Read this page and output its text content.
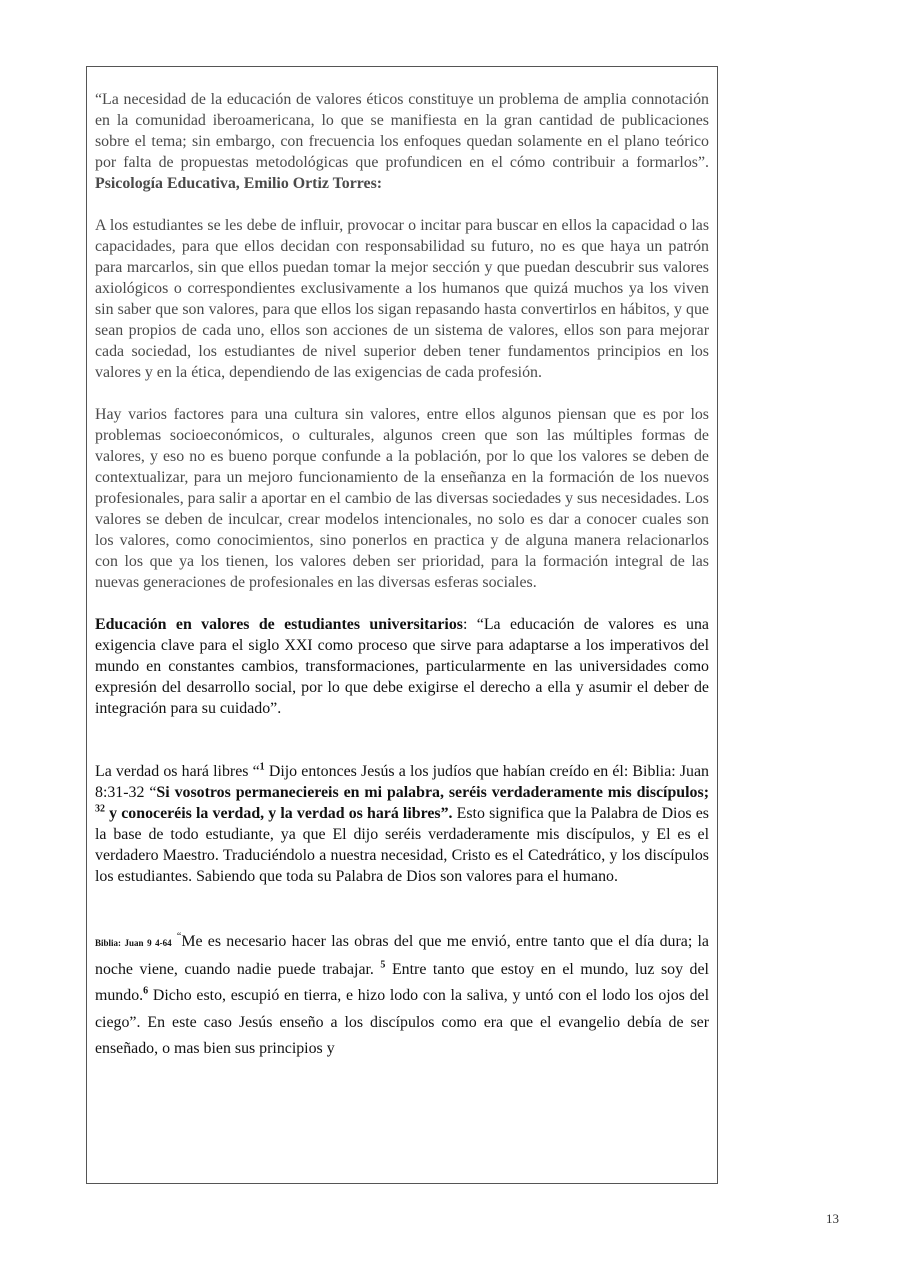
“La necesidad de la educación de valores éticos constituye un problema de amplia connotación en la comunidad iberoamericana, lo que se manifiesta en la gran cantidad de publicaciones sobre el tema; sin embargo, con frecuencia los enfoques quedan solamente en el plano teórico por falta de propuestas metodológicas que profundicen en el cómo contribuir a formarlos”. Psicología Educativa, Emilio Ortiz Torres:

A los estudiantes se les debe de influir, provocar o incitar para buscar en ellos la capacidad o las capacidades, para que ellos decidan con responsabilidad su futuro, no es que haya un patrón para marcarlos, sin que ellos puedan tomar la mejor sección y que puedan descubrir sus valores axiológicos o correspondientes exclusivamente a los humanos que quizá muchos ya los viven sin saber que son valores, para que ellos los sigan repasando hasta convertirlos en hábitos, y que sean propios de cada uno, ellos son acciones de un sistema de valores, ellos son para mejorar cada sociedad, los estudiantes de nivel superior deben tener fundamentos principios en los valores y en la ética, dependiendo de las exigencias de cada profesión.

Hay varios factores para una cultura sin valores, entre ellos algunos piensan que es por los problemas socioeconómicos, o culturales, algunos creen que son las múltiples formas de valores, y eso no es bueno porque confunde a la población, por lo que los valores se deben de contextualizar, para un mejoro funcionamiento de la enseñanza en la formación de los nuevos profesionales, para salir a aportar en el cambio de las diversas sociedades y sus necesidades. Los valores se deben de inculcar, crear modelos intencionales, no solo es dar a conocer cuales son los valores, como conocimientos, sino ponerlos en practica y de alguna manera relacionarlos con los que ya los tienen, los valores deben ser prioridad, para la formación integral de las nuevas generaciones de profesionales en las diversas esferas sociales.

Educación en valores de estudiantes universitarios: “La educación de valores es una exigencia clave para el siglo XXI como proceso que sirve para adaptarse a los imperativos del mundo en constantes cambios, transformaciones, particularmente en las universidades como expresión del desarrollo social, por lo que debe exigirse el derecho a ella y asumir el deber de integración para su cuidado”.

La verdad os hará libres “$^1$ Dijo entonces Jesús a los judíos que habían creído en él: Biblia: Juan 8:31-32 “Si vosotros permaneciereis en mi palabra, seréis verdaderamente mis discípulos; $^{32}$ y conoceréis la verdad, y la verdad os hará libres”. Esto significa que la Palabra de Dios es la base de todo estudiante, ya que El dijo seréis verdaderamente mis discípulos, y El es el verdadero Maestro. Traduciéndolo a nuestra necesidad, Cristo es el Catedrático, y los discípulos los estudiantes. Sabiendo que toda su Palabra de Dios son valores para el humano.

Biblia: Juan 9 4-64 “Me es necesario hacer las obras del que me envió, entre tanto que el día dura; la noche viene, cuando nadie puede trabajar. $^5$ Entre tanto que estoy en el mundo, luz soy del mundo.$^6$ Dicho esto, escupió en tierra, e hizo lodo con la saliva, y untó con el lodo los ojos del ciego”. En este caso Jesús enseño a los discípulos como era que el evangelio debía de ser enseñado, o mas bien sus principios y

13
